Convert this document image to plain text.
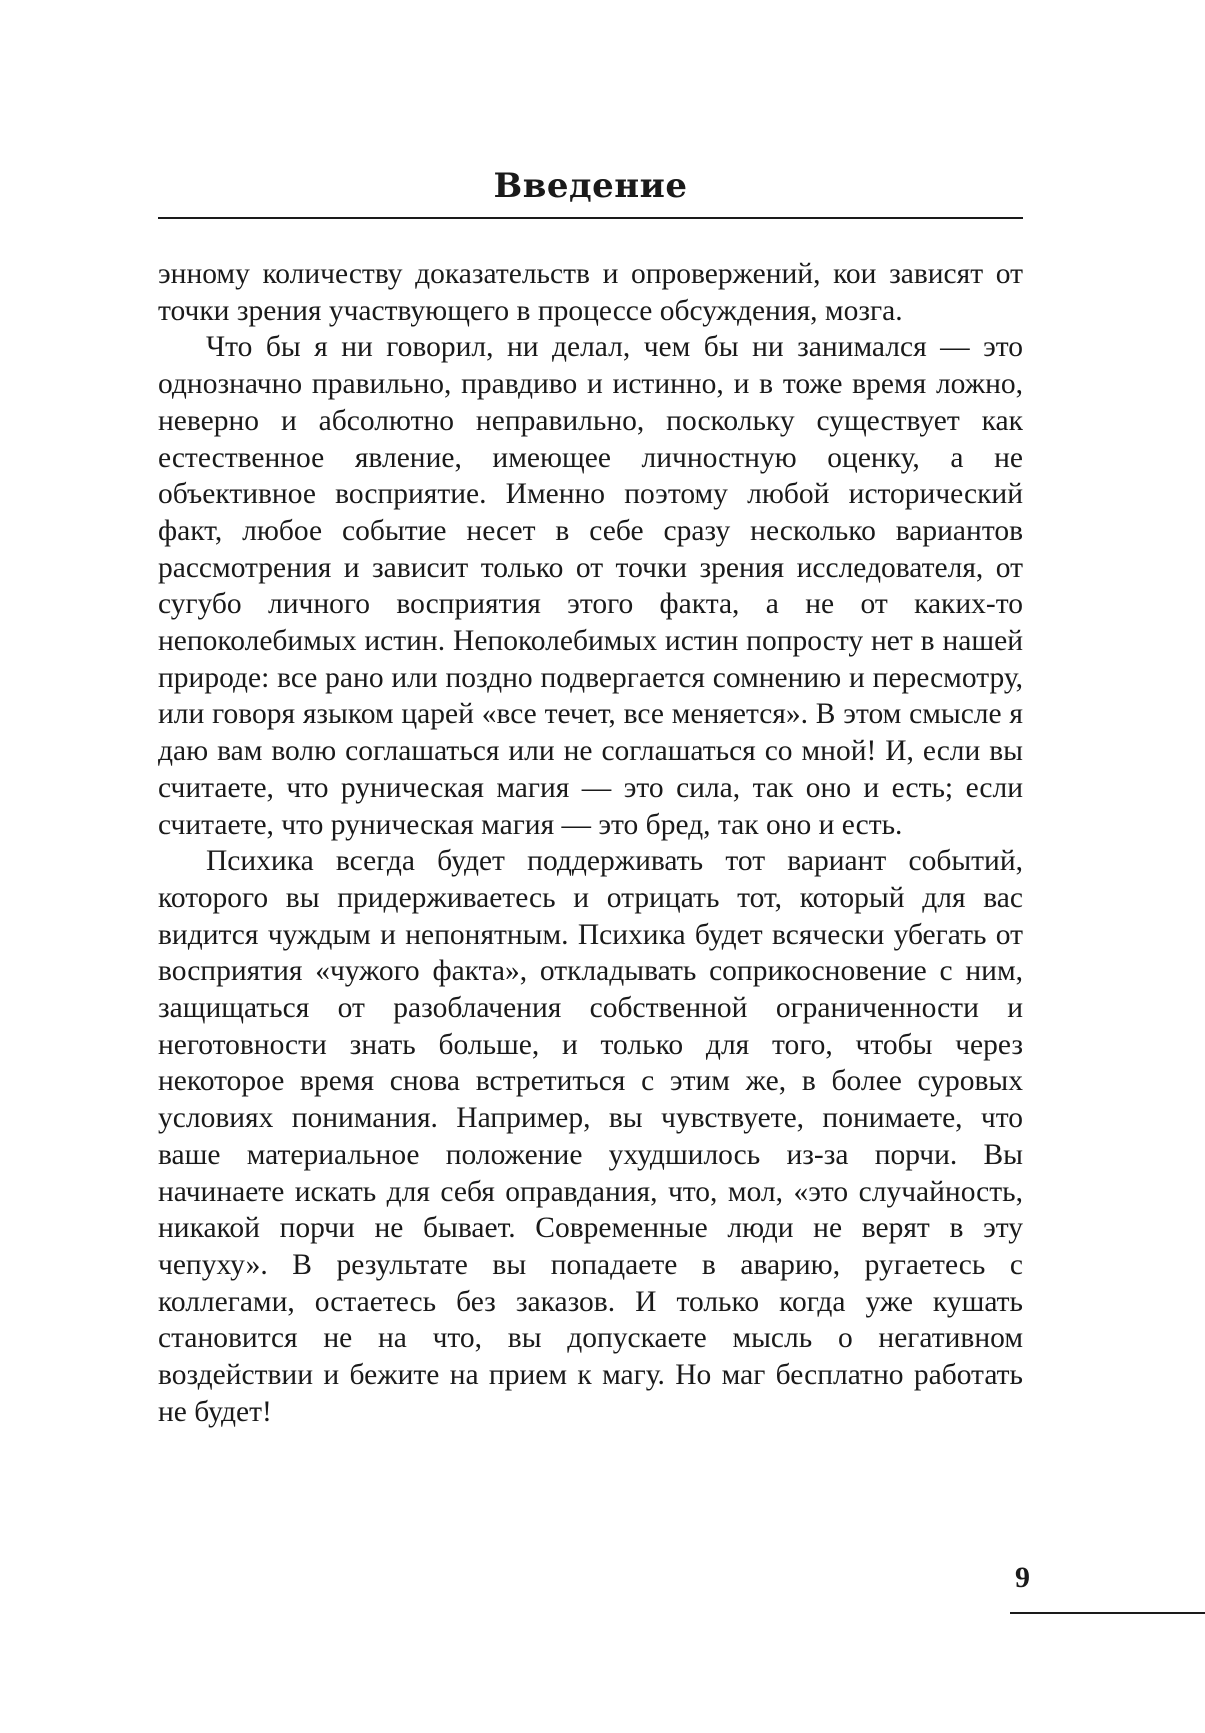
Введение

энному количеству доказательств и опровержений, кои зависят от точки зрения участвующего в процессе обсуждения, мозга.

Что бы я ни говорил, ни делал, чем бы ни занимался — это однозначно правильно, правдиво и истинно, и в тоже время ложно, неверно и абсолютно неправильно, поскольку существует как естественное явление, имеющее личностную оценку, а не объективное восприятие. Именно поэтому любой исторический факт, любое событие несет в себе сразу несколько вариантов рассмотрения и зависит только от точки зрения исследователя, от сугубо личного восприятия этого факта, а не от каких-то непоколебимых истин. Непоколебимых истин попросту нет в нашей природе: все рано или поздно подвергается сомнению и пересмотру, или говоря языком царей «все течет, все меняется». В этом смысле я даю вам волю соглашаться или не соглашаться со мной! И, если вы считаете, что руническая магия — это сила, так оно и есть; если считаете, что руническая магия — это бред, так оно и есть.

Психика всегда будет поддерживать тот вариант событий, которого вы придерживаетесь и отрицать тот, который для вас видится чуждым и непонятным. Психика будет всячески убегать от восприятия «чужого факта», откладывать соприкосновение с ним, защищаться от разоблачения собственной ограниченности и неготовности знать больше, и только для того, чтобы через некоторое время снова встретиться с этим же, в более суровых условиях понимания. Например, вы чувствуете, понимаете, что ваше материальное положение ухудшилось из-за порчи. Вы начинаете искать для себя оправдания, что, мол, «это случайность, никакой порчи не бывает. Современные люди не верят в эту чепуху». В результате вы попадаете в аварию, ругаетесь с коллегами, остаетесь без заказов. И только когда уже кушать становится не на что, вы допускаете мысль о негативном воздействии и бежите на прием к магу. Но маг бесплатно работать не будет!

9
